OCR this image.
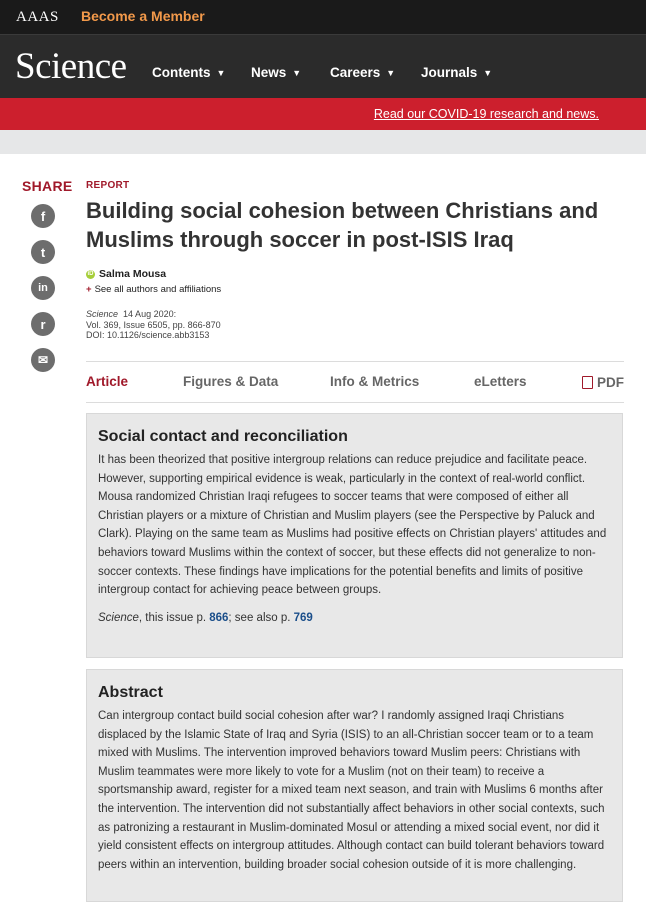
AAAS Become a Member
Science Contents ▼ News ▼ Careers ▼ Journals ▼
Read our COVID-19 research and news.
SHARE
f
t
in
r
✉
REPORT
Building social cohesion between Christians and Muslims through soccer in post-ISIS Iraq
iD Salma Mousa
+ See all authors and affiliations
Science 14 Aug 2020:
Vol. 369, Issue 6505, pp. 866-870
DOI: 10.1126/science.abb3153
Article	Figures & Data	Info & Metrics	eLetters	PDF
Social contact and reconciliation

It has been theorized that positive intergroup relations can reduce prejudice and facilitate peace. However, supporting empirical evidence is weak, particularly in the context of real-world conflict. Mousa randomized Christian Iraqi refugees to soccer teams that were composed of either all Christian players or a mixture of Christian and Muslim players (see the Perspective by Paluck and Clark). Playing on the same team as Muslims had positive effects on Christian players' attitudes and behaviors toward Muslims within the context of soccer, but these effects did not generalize to non-soccer contexts. These findings have implications for the potential benefits and limits of positive intergroup contact for achieving peace between groups.

Science, this issue p. 866; see also p. 769

Abstract

Can intergroup contact build social cohesion after war? I randomly assigned Iraqi Christians displaced by the Islamic State of Iraq and Syria (ISIS) to an all-Christian soccer team or to a team mixed with Muslims. The intervention improved behaviors toward Muslim peers: Christians with Muslim teammates were more likely to vote for a Muslim (not on their team) to receive a sportsmanship award, register for a mixed team next season, and train with Muslims 6 months after the intervention. The intervention did not substantially affect behaviors in other social contexts, such as patronizing a restaurant in Muslim-dominated Mosul or attending a mixed social event, nor did it yield consistent effects on intergroup attitudes. Although contact can build tolerant behaviors toward peers within an intervention, building broader social cohesion outside of it is more challenging.
